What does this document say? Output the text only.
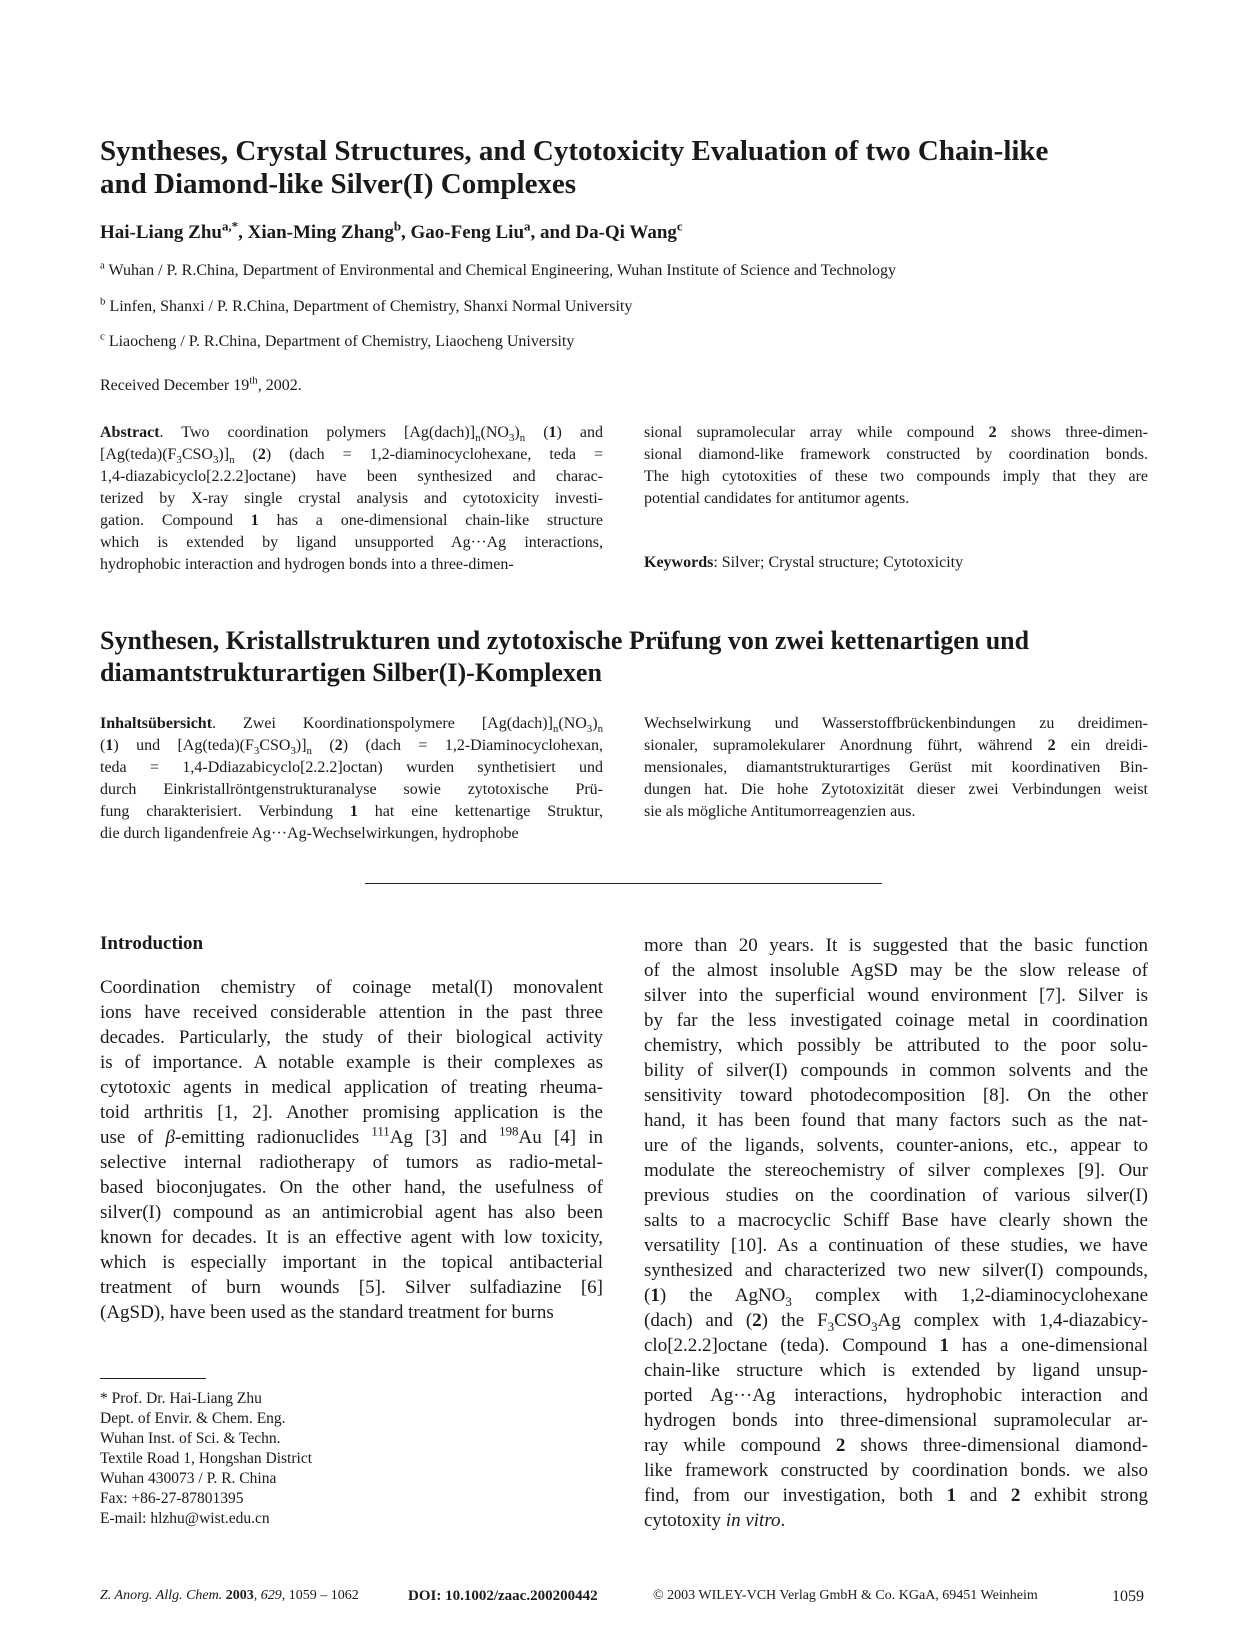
Syntheses, Crystal Structures, and Cytotoxicity Evaluation of two Chain-like
and Diamond-like Silver(I) Complexes
Hai-Liang Zhu$^{a,*}$, Xian-Ming Zhang$^b$, Gao-Feng Liu$^a$, and Da-Qi Wang$^c$
$^a$ Wuhan / P. R.China, Department of Environmental and Chemical Engineering, Wuhan Institute of Science and Technology
$^b$ Linfen, Shanxi / P. R.China, Department of Chemistry, Shanxi Normal University
$^c$ Liaocheng / P. R.China, Department of Chemistry, Liaocheng University
Received December 19th, 2002.
Abstract. Two coordination polymers $[Ag(dach)]_n(NO_3)_n$ (1) and
$[Ag(teda)(F_3CSO_3)]_n$ (2) (dach = 1,2-diaminocyclohexane, teda =
1,4-diazabicyclo[2.2.2]octane) have been synthesized and charac-
terized by X-ray single crystal analysis and cytotoxicity investi-
gation. Compound 1 has a one-dimensional chain-like structure
which is extended by ligand unsupported Ag···Ag interactions,
hydrophobic interaction and hydrogen bonds into a three-dimen-
sional supramolecular array while compound 2 shows three-dimen-
sional diamond-like framework constructed by coordination bonds.
The high cytotoxities of these two compounds imply that they are
potential candidates for antitumor agents.
Keywords: Silver; Crystal structure; Cytotoxicity
Synthesen, Kristallstrukturen und zytotoxische Prüfung von zwei kettenartigen und
diamantstrukturartigen Silber(I)-Komplexen
Inhaltsübersicht. Zwei Koordinationspolymere $[Ag(dach)]_n(NO_3)_n$
(1) und $[Ag(teda)(F_3CSO_3)]_n$ (2) (dach = 1,2-Diaminocyclohexan,
teda = 1,4-Ddiazabicyclo[2.2.2]octan) wurden synthetisiert und
durch Einkristallröntgenstrukturanalyse sowie zytotoxische Prü-
fung charakterisiert. Verbindung 1 hat eine kettenartige Struktur,
die durch ligandenfreie Ag···Ag-Wechselwirkungen, hydrophobe
Wechselwirkung und Wasserstoffbrückenbindungen zu dreidimen-
sionaler, supramolekularer Anordnung führt, während 2 ein dreidi-
mensionales, diamantstrukturartiges Gerüst mit koordinativen Bin-
dungen hat. Die hohe Zytotoxizität dieser zwei Verbindungen weist
sie als mögliche Antitumorreagenzien aus.
Introduction
Coordination chemistry of coinage metal(I) monovalent
ions have received considerable attention in the past three
decades. Particularly, the study of their biological activity
is of importance. A notable example is their complexes as
cytotoxic agents in medical application of treating rheuma-
toid arthritis [1, 2]. Another promising application is the
use of β-emitting radionuclides $^{111}$Ag [3] and $^{198}$Au [4] in
selective internal radiotherapy of tumors as radio-metal-
based bioconjugates. On the other hand, the usefulness of
silver(I) compound as an antimicrobial agent has also been
known for decades. It is an effective agent with low toxicity,
which is especially important in the topical antibacterial
treatment of burn wounds [5]. Silver sulfadiazine [6]
(AgSD), have been used as the standard treatment for burns
more than 20 years. It is suggested that the basic function
of the almost insoluble AgSD may be the slow release of
silver into the superficial wound environment [7]. Silver is
by far the less investigated coinage metal in coordination
chemistry, which possibly be attributed to the poor solu-
bility of silver(I) compounds in common solvents and the
sensitivity toward photodecomposition [8]. On the other
hand, it has been found that many factors such as the nat-
ure of the ligands, solvents, counter-anions, etc., appear to
modulate the stereochemistry of silver complexes [9]. Our
previous studies on the coordination of various silver(I)
salts to a macrocyclic Schiff Base have clearly shown the
versatility [10]. As a continuation of these studies, we have
synthesized and characterized two new silver(I) compounds,
(1) the AgNO$_3$ complex with 1,2-diaminocyclohexane
(dach) and (2) the $F_3CSO_3Ag$ complex with 1,4-diazabicy-
clo[2.2.2]octane (teda). Compound 1 has a one-dimensional
chain-like structure which is extended by ligand unsup-
ported Ag···Ag interactions, hydrophobic interaction and
hydrogen bonds into three-dimensional supramolecular ar-
ray while compound 2 shows three-dimensional diamond-
like framework constructed by coordination bonds. we also
find, from our investigation, both 1 and 2 exhibit strong
cytotoxity in vitro.
* Prof. Dr. Hai-Liang Zhu
Dept. of Envir. & Chem. Eng.
Wuhan Inst. of Sci. & Techn.
Textile Road 1, Hongshan District
Wuhan 430073 / P. R. China
Fax: +86-27-87801395
E-mail: hlzhu@wist.edu.cn
Z. Anorg. Allg. Chem. 2003, 629, 1059 – 1062	DOI: 10.1002/zaac.200200442	© 2003 WILEY-VCH Verlag GmbH & Co. KGaA, 69451 Weinheim	1059
